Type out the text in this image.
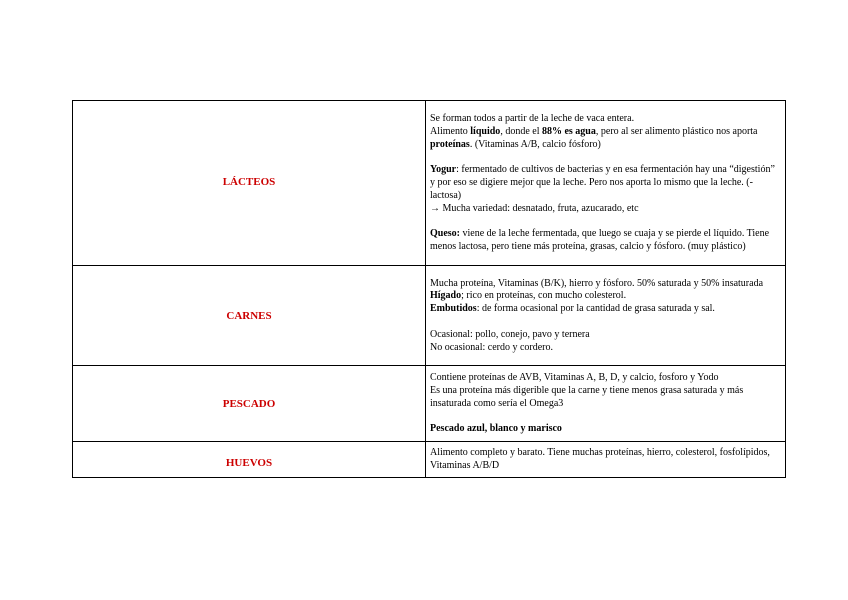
LÁCTEOS	Se forman todos a partir de la leche de vaca entera.

Alimento líquido, donde el 88% es agua, pero al ser alimento plástico nos aporta proteínas. (Vitaminas A/B, calcio fósforo)

Yogur: fermentado de cultivos de bacterias y en esa fermentación hay una “digestión” y por eso se digiere mejor que la leche. Pero nos aporta lo mismo que la leche. (- lactosa)

→ Mucha variedad: desnatado, fruta, azucarado, etc

Queso: viene de la leche fermentada, que luego se cuaja y se pierde el líquido. Tiene menos lactosa, pero tiene más proteína, grasas, calcio y fósforo. (muy plástico)

CARNES	Mucha proteína, Vitaminas (B/K), hierro y fósforo. 50% saturada y 50% insaturada

Hígado; rico en proteínas, con mucho colesterol.

Embutidos: de forma ocasional por la cantidad de grasa saturada y sal.

Ocasional: pollo, conejo, pavo y ternera

No ocasional: cerdo y cordero.

PESCADO	Contiene proteínas de AVB, Vitaminas A, B, D, y calcio, fosforo y Yodo

Es una proteína más digerible que la carne y tiene menos grasa saturada y más insaturada como sería el Omega3

Pescado azul, blanco y marisco

HUEVOS	Alimento completo y barato. Tiene muchas proteínas, hierro, colesterol, fosfolípidos, Vitaminas A/B/D
